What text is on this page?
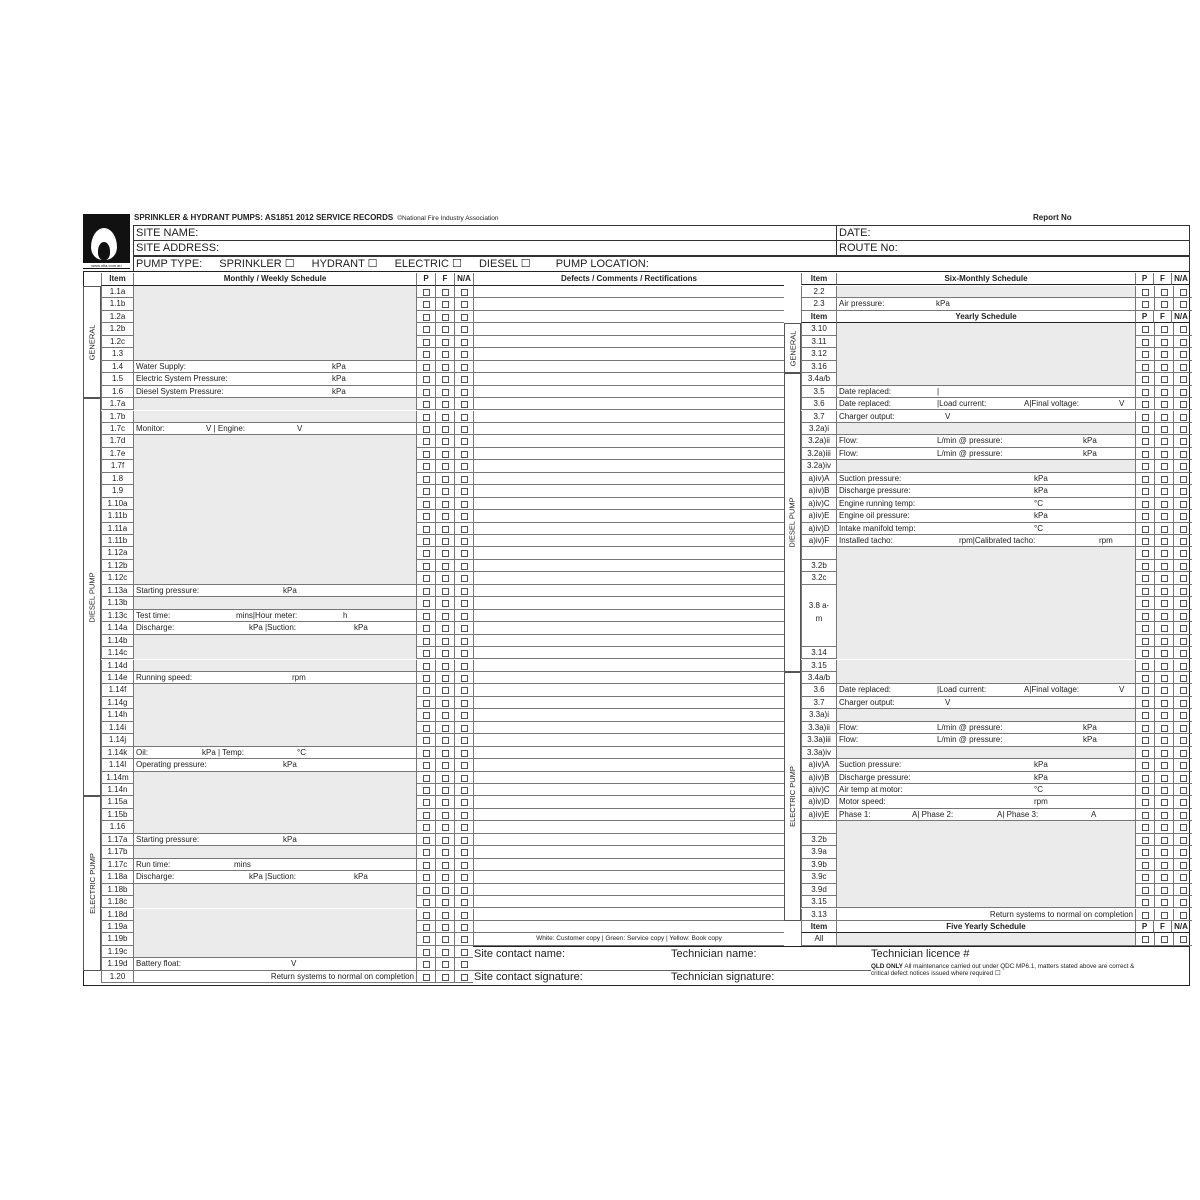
www.nfia.com.au
SPRINKLER & HYDRANT PUMPS: AS1851 2012 SERVICE RECORDS ©National Fire Industry Association	Report No
SITE NAME:	DATE:
SITE ADDRESS:	ROUTE No:
PUMP TYPE: SPRINKLER ☐ HYDRANT ☐ ELECTRIC ☐ DIESEL ☐ PUMP LOCATION:
Item	Monthly / Weekly Schedule	P	F	N/A	Defects / Comments / Rectifications
1.1a
1.1b
1.2a
1.2b
1.2c
1.3
1.4	Water Supply:	kPa
1.5	Electric System Pressure:	kPa
1.6	Diesel System Pressure:	kPa
1.7a
1.7b
1.7c	Monitor:	V | Engine:	V
1.7d
1.7e
1.7f
1.8
1.9
1.10a
1.11b
1.11a
1.11b
1.12a
1.12b
1.12c
1.13a	Starting pressure:	kPa
1.13b
1.13c	Test time:	mins|Hour meter:	h
1.14a	Discharge:	kPa |Suction:	kPa
1.14b
1.14c
1.14d
1.14e	Running speed:	rpm
1.14f
1.14g
1.14h
1.14i
1.14j
1.14k	Oil:	kPa | Temp:	°C
1.14l	Operating pressure:	kPa
1.14m
1.14n
1.15a
1.15b
1.16
1.17a	Starting pressure:	kPa
1.17b
1.17c	Run time:	mins
1.18a	Discharge:	kPa |Suction:	kPa
1.18b
1.18c
1.18d
1.19a
1.19b	White: Customer copy | Green: Service copy | Yellow: Book copy
1.19c
1.19d	Battery float:	V
1.20	Return systems to normal on completion
GENERAL
DIESEL PUMP
ELECTRIC PUMP
Item	Six-Monthly Schedule	P	F	N/A
2.2
2.3	Air pressure:	kPa
Item	Yearly Schedule	P	F	N/A
3.10
3.11
3.12
3.16
3.4a/b
3.5	Date replaced:	|
3.6	Date replaced:	|Load current:	A|Final voltage:	V
3.7	Charger output:	V
3.2a)i
3.2a)ii	Flow:	L/min @ pressure:	kPa
3.2a)iii	Flow:	L/min @ pressure:	kPa
3.2a)iv
a)iv)A	Suction pressure:	kPa
a)iv)B	Discharge pressure:	kPa
a)iv)C	Engine running temp:	°C
a)iv)E	Engine oil pressure:	kPa
a)iv)D	Intake manifold temp:	°C
a)iv)F	Installed tacho:	rpm|Calibrated tacho:	rpm
3.2b
3.2c
3.8 a-m
3.14
3.15
3.4a/b
3.6	Date replaced:	|Load current:	A|Final voltage:	V
3.7	Charger output:	V
3.3a)i
3.3a)ii	Flow:	L/min @ pressure:	kPa
3.3a)iii	Flow:	L/min @ pressure:	kPa
3.3a)iv
a)iv)A	Suction pressure:	kPa
a)iv)B	Discharge pressure:	kPa
a)iv)C	Air temp at motor:	°C
a)iv)D	Motor speed:	rpm
a)iv)E	Phase 1:	A| Phase 2:	A| Phase 3:	A
3.2b
3.9a
3.9b
3.9c
3.9d
3.15
3.13	Return systems to normal on completion
Item	Five Yearly Schedule	P	F	N/A
All
GENERAL
DIESEL PUMP
ELECTRIC PUMP
Site contact name:	Technician name:	Technician licence #
Site contact signature:	Technician signature:
QLD ONLY All maintenance carried out under QDC MP6.1, matters stated above are correct &
critical defect notices issued where required ☐
